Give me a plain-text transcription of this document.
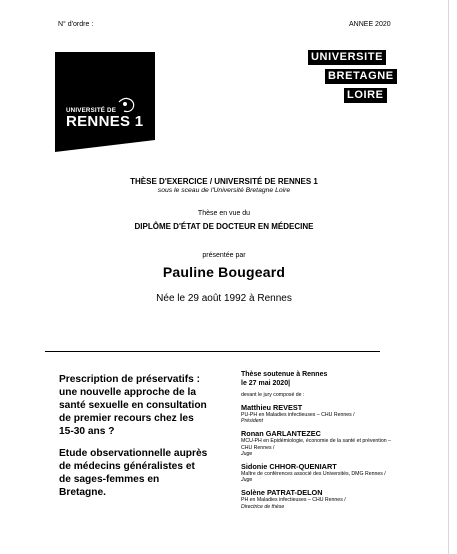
N° d'ordre :	ANNEE 2020
UNIVERSITÉ DE
RENNES 1
UNIVERSITE
BRETAGNE
LOIRE
THÈSE D'EXERCICE / UNIVERSITÉ DE RENNES 1
sous le sceau de l'Université Bretagne Loire
Thèse en vue du
DIPLÔME D'ÉTAT DE DOCTEUR EN MÉDECINE
présentée par
Pauline Bougeard
Née le 29 août 1992 à Rennes

Prescription de préservatifs : une nouvelle approche de la santé sexuelle en consultation de premier recours chez les 15-30 ans ?

Etude observationnelle auprès de médecins généralistes et de sages-femmes en Bretagne.

Thèse soutenue à Rennes
le 27 mai 2020|
devant le jury composé de :
Matthieu REVEST
PU-PH en Maladies infectieuses – CHU Rennes /
Président
Ronan GARLANTEZEC
MCU-PH en Epidémiologie, économie de la santé et prévention – CHU Rennes /
Juge
Sidonie CHHOR-QUENIART
Maître de conférences associé des Universités, DMG Rennes /
Juge
Solène PATRAT-DELON
PH en Maladies infectieuses – CHU Rennes /
Directrice de thèse
